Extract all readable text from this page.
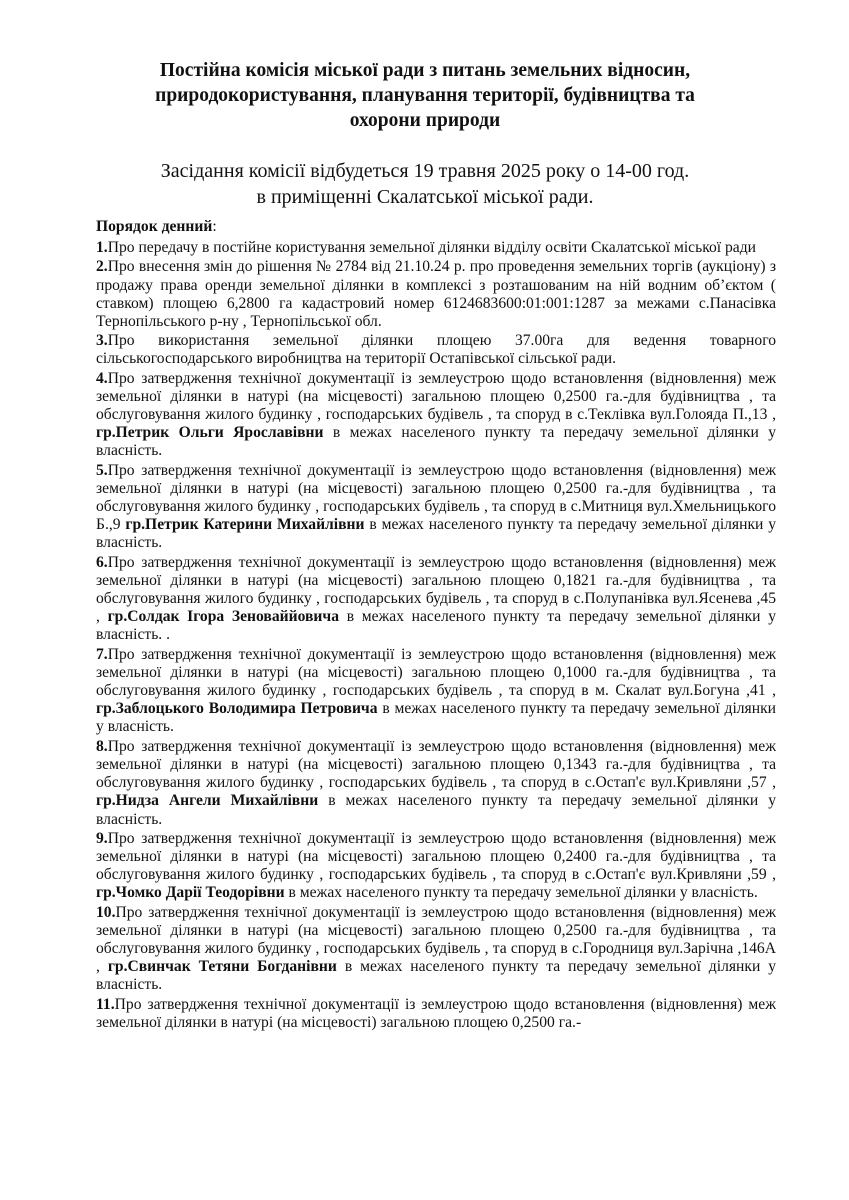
Постійна комісія міської ради з питань земельних відносин, природокористування, планування території, будівництва та охорони природи
Засідання комісії відбудеться 19 травня 2025 року о 14-00 год.
в приміщенні Скалатської міської ради.
Порядок денний:
1.Про передачу в постійне користування земельної ділянки відділу освіти Скалатської міської ради
2.Про внесення змін до рішення № 2784 від 21.10.24 р. про проведення земельних торгів (аукціону) з продажу права оренди земельної ділянки в комплексі з розташованим на ній водним об’єктом ( ставком) площею 6,2800 га кадастровий номер 6124683600:01:001:1287 за межами с.Панасівка Тернопільського р-ну , Тернопільської обл.
3.Про використання земельної ділянки площею 37.00га для ведення товарного сільськогосподарського виробництва на території Остапівської сільської ради.
4.Про затвердження технічної документації із землеустрою щодо встановлення (відновлення) меж земельної ділянки в натурі (на місцевості) загальною площею 0,2500 га.-для будівництва , та обслуговування жилого будинку , господарських будівель , та споруд в с.Теклівка вул.Голояда П.,13 , гр.Петрик Ольги Ярославівни в межах населеного пункту та передачу земельної ділянки у власність.
5.Про затвердження технічної документації із землеустрою щодо встановлення (відновлення) меж земельної ділянки в натурі (на місцевості) загальною площею 0,2500 га.-для будівництва , та обслуговування жилого будинку , господарських будівель , та споруд в с.Митниця вул.Хмельницького Б.,9 гр.Петрик Катерини Михайлівни в межах населеного пункту та передачу земельної ділянки у власність.
6.Про затвердження технічної документації із землеустрою щодо встановлення (відновлення) меж земельної ділянки в натурі (на місцевості) загальною площею 0,1821 га.-для будівництва , та обслуговування жилого будинку , господарських будівель , та споруд в с.Полупанівка вул.Ясенева ,45 , гр.Солдак Ігора Зеноваййовича в межах населеного пункту та передачу земельної ділянки у власність. .
7.Про затвердження технічної документації із землеустрою щодо встановлення (відновлення) меж земельної ділянки в натурі (на місцевості) загальною площею 0,1000 га.-для будівництва , та обслуговування жилого будинку , господарських будівель , та споруд в м. Скалат вул.Богуна ,41 , гр.Заблоцького Володимира Петровича в межах населеного пункту та передачу земельної ділянки у власність.
8.Про затвердження технічної документації із землеустрою щодо встановлення (відновлення) меж земельної ділянки в натурі (на місцевості) загальною площею 0,1343 га.-для будівництва , та обслуговування жилого будинку , господарських будівель , та споруд в с.Остап'є вул.Кривляни ,57 , гр.Нидза Ангели Михайлівни в межах населеного пункту та передачу земельної ділянки у власність.
9.Про затвердження технічної документації із землеустрою щодо встановлення (відновлення) меж земельної ділянки в натурі (на місцевості) загальною площею 0,2400 га.-для будівництва , та обслуговування жилого будинку , господарських будівель , та споруд в с.Остап'є вул.Кривляни ,59 , гр.Чомко Дарії Теодорівни в межах населеного пункту та передачу земельної ділянки у власність.
10.Про затвердження технічної документації із землеустрою щодо встановлення (відновлення) меж земельної ділянки в натурі (на місцевості) загальною площею 0,2500 га.-для будівництва , та обслуговування жилого будинку , господарських будівель , та споруд в с.Городниця вул.Зарічна ,146А , гр.Свинчак Тетяни Богданівни в межах населеного пункту та передачу земельної ділянки у власність.
11.Про затвердження технічної документації із землеустрою щодо встановлення (відновлення) меж земельної ділянки в натурі (на місцевості) загальною площею 0,2500 га.-
